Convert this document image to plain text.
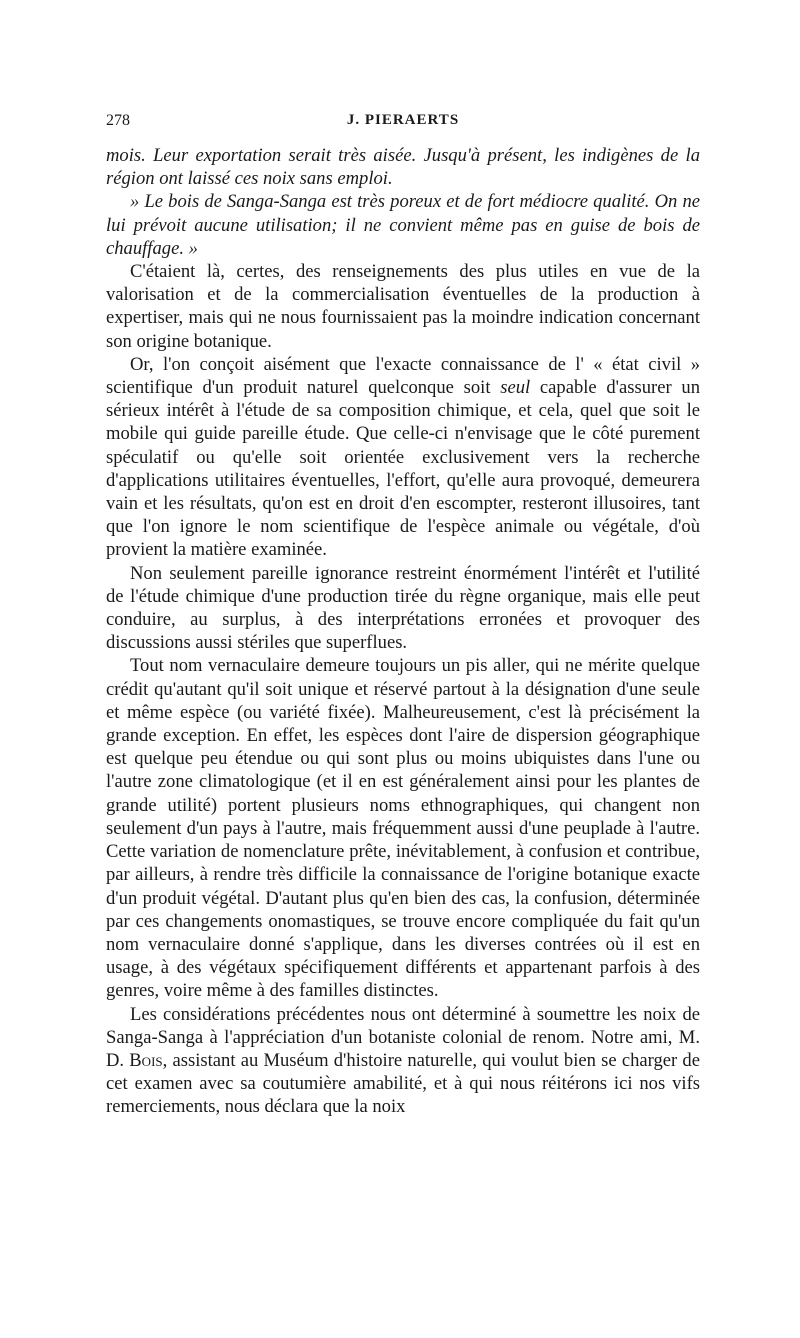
278	J. PIERAERTS

mois. Leur exportation serait très aisée. Jusqu'à présent, les indigènes de la région ont laissé ces noix sans emploi.

» Le bois de Sanga-Sanga est très poreux et de fort médiocre qualité. On ne lui prévoit aucune utilisation; il ne convient même pas en guise de bois de chauffage. »

C'étaient là, certes, des renseignements des plus utiles en vue de la valorisation et de la commercialisation éventuelles de la production à expertiser, mais qui ne nous fournissaient pas la moindre indication concernant son origine botanique.

Or, l'on conçoit aisément que l'exacte connaissance de l' « état civil » scientifique d'un produit naturel quelconque soit seul capable d'assurer un sérieux intérêt à l'étude de sa composition chimique, et cela, quel que soit le mobile qui guide pareille étude. Que celle-ci n'envisage que le côté purement spéculatif ou qu'elle soit orientée exclusivement vers la recherche d'applications utilitaires éventuelles, l'effort, qu'elle aura provoqué, demeurera vain et les résultats, qu'on est en droit d'en escompter, resteront illusoires, tant que l'on ignore le nom scientifique de l'espèce animale ou végétale, d'où provient la matière examinée.

Non seulement pareille ignorance restreint énormément l'intérêt et l'utilité de l'étude chimique d'une production tirée du règne organique, mais elle peut conduire, au surplus, à des interprétations erronées et provoquer des discussions aussi stériles que superflues.

Tout nom vernaculaire demeure toujours un pis aller, qui ne mérite quelque crédit qu'autant qu'il soit unique et réservé partout à la désignation d'une seule et même espèce (ou variété fixée). Malheureusement, c'est là précisément la grande exception. En effet, les espèces dont l'aire de dispersion géographique est quelque peu étendue ou qui sont plus ou moins ubiquistes dans l'une ou l'autre zone climatologique (et il en est généralement ainsi pour les plantes de grande utilité) portent plusieurs noms ethnographiques, qui changent non seulement d'un pays à l'autre, mais fréquemment aussi d'une peuplade à l'autre. Cette variation de nomenclature prête, inévitablement, à confusion et contribue, par ailleurs, à rendre très difficile la connaissance de l'origine botanique exacte d'un produit végétal. D'autant plus qu'en bien des cas, la confusion, déterminée par ces changements onomastiques, se trouve encore compliquée du fait qu'un nom vernaculaire donné s'applique, dans les diverses contrées où il est en usage, à des végétaux spécifiquement différents et appartenant parfois à des genres, voire même à des familles distinctes.

Les considérations précédentes nous ont déterminé à soumettre les noix de Sanga-Sanga à l'appréciation d'un botaniste colonial de renom. Notre ami, M. D. Bois, assistant au Muséum d'histoire naturelle, qui voulut bien se charger de cet examen avec sa coutumière amabilité, et à qui nous réitérons ici nos vifs remerciements, nous déclara que la noix
